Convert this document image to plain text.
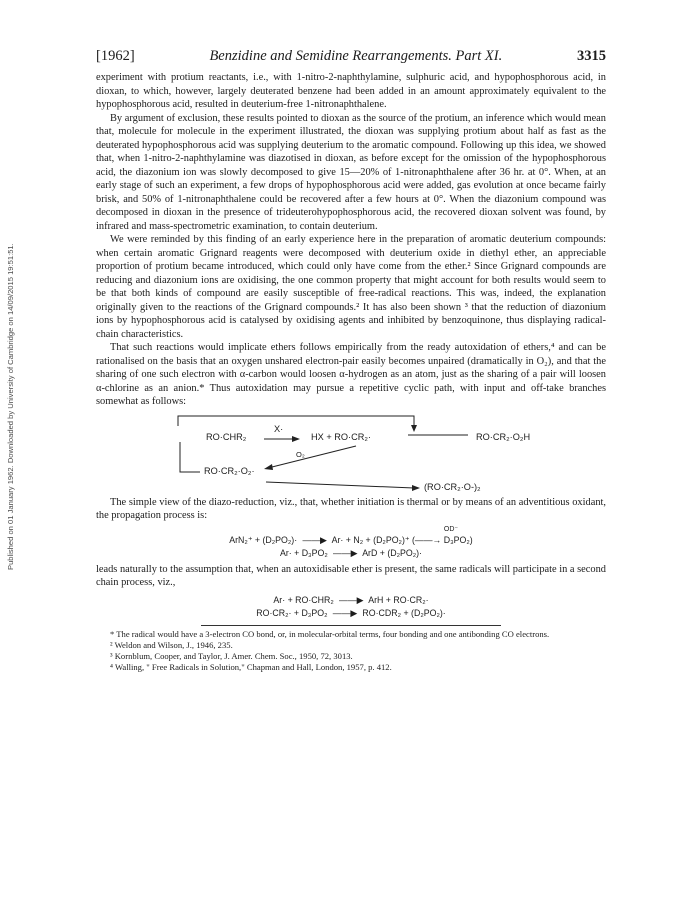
Published on 01 January 1962. Downloaded by University of Cambridge on 14/09/2015 19:51:51.
[1962]	Benzidine and Semidine Rearrangements. Part XI.	3315

experiment with protium reactants, i.e., with 1-nitro-2-naphthylamine, sulphuric acid, and hypophosphorous acid, in dioxan, to which, however, largely deuterated benzene had been added in an amount approximately equivalent to the hypophosphorous acid, resulted in deuterium-free 1-nitronaphthalene.

By argument of exclusion, these results pointed to dioxan as the source of the protium, an inference which would mean that, molecule for molecule in the experiment illustrated, the dioxan was supplying protium about half as fast as the deuterated hypophosphorous acid was supplying deuterium to the aromatic compound. Following up this idea, we showed that, when 1-nitro-2-naphthylamine was diazotised in dioxan, as before except for the omission of the hypophosphorous acid, the diazonium ion was slowly decomposed to give 15—20% of 1-nitronaphthalene after 36 hr. at 0°. When, at an early stage of such an experiment, a few drops of hypophosphorous acid were added, gas evolution at once became fairly brisk, and 50% of 1-nitronaphthalene could be recovered after a few hours at 0°. When the diazonium compound was decomposed in dioxan in the presence of trideuterohypophosphorous acid, the recovered dioxan solvent was found, by infrared and mass-spectrometric examination, to contain deuterium.

We were reminded by this finding of an early experience here in the preparation of aromatic deuterium compounds: when certain aromatic Grignard reagents were decomposed with deuterium oxide in diethyl ether, an appreciable proportion of protium became introduced, which could only have come from the ether.² Since Grignard compounds are reducing and diazonium ions are oxidising, the one common property that might account for both results would seem to be that both kinds of compound are easily susceptible of free-radical reactions. This was, indeed, the explanation originally given to the reactions of the Grignard compounds.² It has also been shown ³ that the reduction of diazonium ions by hypophosphorous acid is catalysed by oxidising agents and inhibited by benzoquinone, thus displaying radical-chain characteristics.

That such reactions would implicate ethers follows empirically from the ready autoxidation of ethers,⁴ and can be rationalised on the basis that an oxygen unshared electron-pair easily becomes unpaired (dramatically in O₂), and that the sharing of one such electron with α-carbon would loosen α-hydrogen as an atom, just as the sharing of a pair will loosen α-chlorine as an anion.* Thus autoxidation may pursue a repetitive cyclic path, with input and off-take branches somewhat as follows:

RO·CHR₂
X·
HX + RO·CR₂·	RO·CR₂·O₂H
O₂
RO·CR₂·O₂·
(RO·CR₂·O-)₂

The simple view of the diazo-reduction, viz., that, whether initiation is thermal or by means of an adventitious oxidant, the propagation process is:

OD⁻
ArN₂⁺ + (D₂PO₂)· ——▶ Ar· + N₂ + (D₂PO₂)⁺ (——→ D₃PO₂)
Ar· + D₃PO₂ ——▶ ArD + (D₂PO₂)·

leads naturally to the assumption that, when an autoxidisable ether is present, the same radicals will participate in a second chain process, viz.,

Ar· + RO·CHR₂ ——▶ ArH + RO·CR₂·
RO·CR₂· + D₃PO₂ ——▶ RO·CDR₂ + (D₂PO₂)·

* The radical would have a 3-electron CO bond, or, in molecular-orbital terms, four bonding and one antibonding CO electrons.

² Weldon and Wilson, J., 1946, 235.

³ Kornblum, Cooper, and Taylor, J. Amer. Chem. Soc., 1950, 72, 3013.

⁴ Walling, " Free Radicals in Solution," Chapman and Hall, London, 1957, p. 412.
